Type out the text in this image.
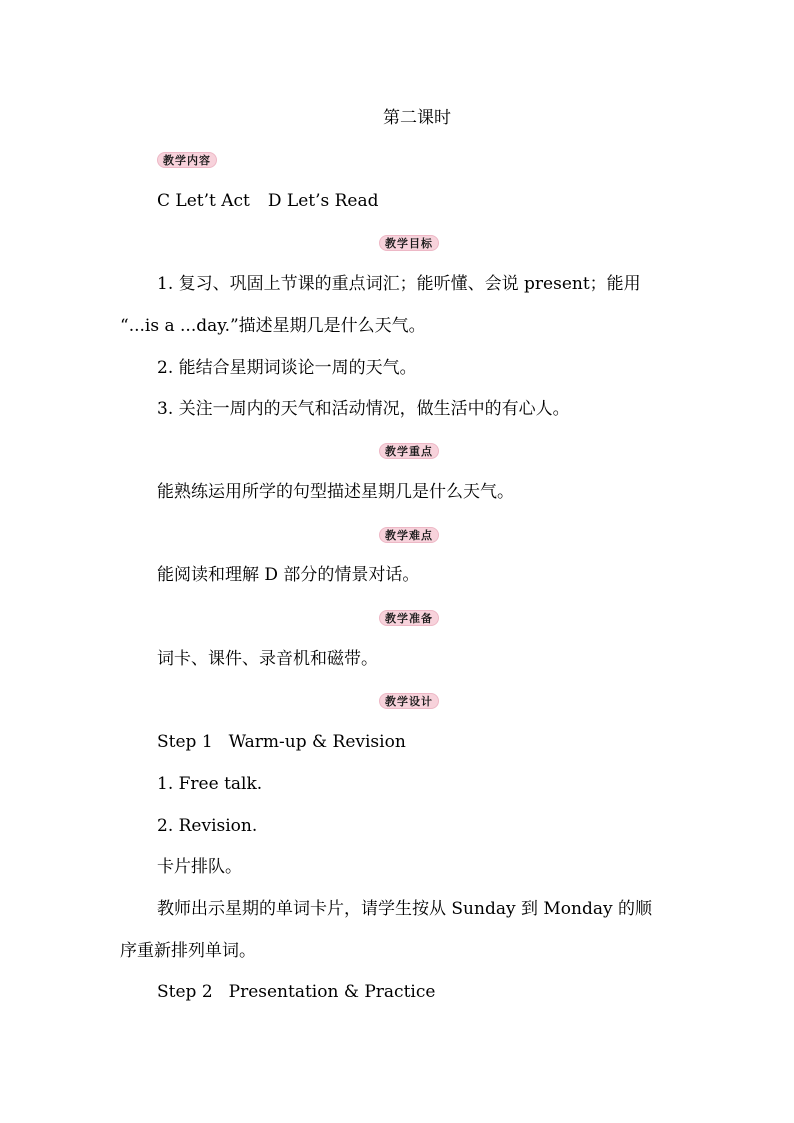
第二课时
教学内容
C Let’t Act D Let’s Read
教学目标
1. 复习、巩固上节课的重点词汇；能听懂、会说 present；能用
“...is a ...day.”描述星期几是什么天气。
2. 能结合星期词谈论一周的天气。
3. 关注一周内的天气和活动情况，做生活中的有心人。
教学重点
能熟练运用所学的句型描述星期几是什么天气。
教学难点
能阅读和理解 D 部分的情景对话。
教学准备
词卡、课件、录音机和磁带。
教学设计
Step 1 Warm-up & Revision
1. Free talk.
2. Revision.
卡片排队。
教师出示星期的单词卡片，请学生按从 Sunday 到 Monday 的顺
序重新排列单词。
Step 2 Presentation & Practice
